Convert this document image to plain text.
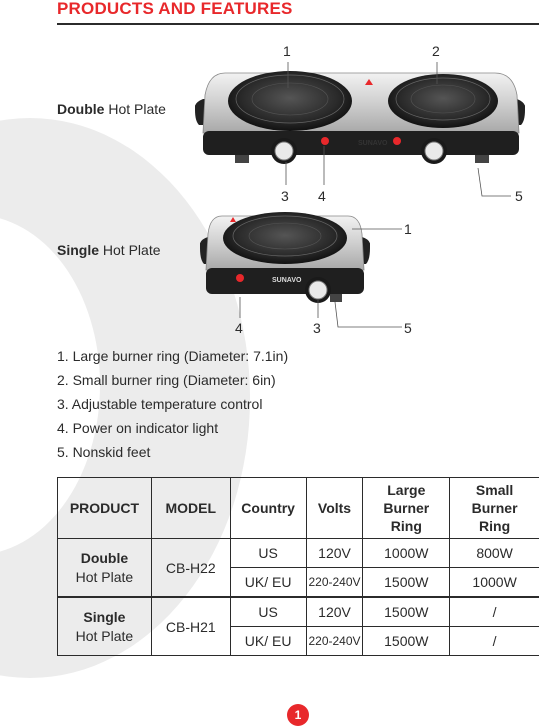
PRODUCTS AND FEATURES
Double Hot Plate
SUNAVO
1	2
3 4	5
Single Hot Plate
SUNAVO
1
4	3	5
1. Large burner ring (Diameter: 7.1in)
2. Small burner ring (Diameter: 6in)
3. Adjustable temperature control
4. Power on indicator light
5. Nonskid feet
PRODUCT	MODEL	Country	Volts	Large
Burner
Ring	Small
Burner
Ring
Double
Hot Plate	CB-H22	US	120V	1000W	800W
		UK/ EU	220-240V	1500W	1000W
Single
Hot Plate	CB-H21	US	120V	1500W	/
		UK/ EU	220-240V	1500W	/
1
